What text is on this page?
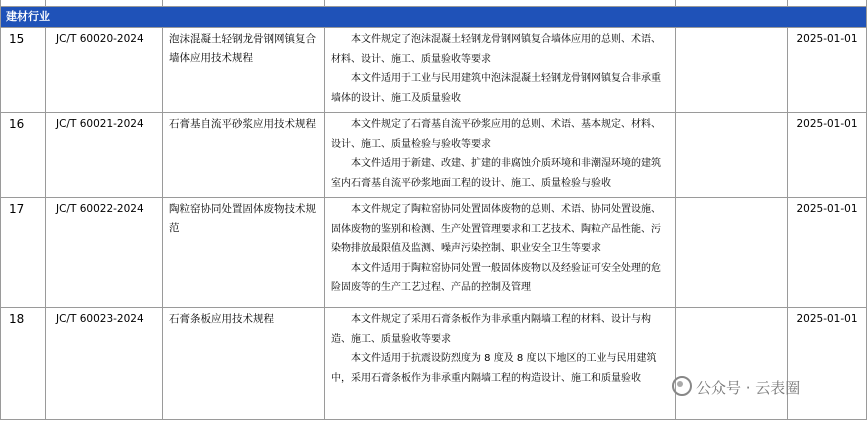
建材行业					
15	JC/T 60020-2024	泡沫混凝土轻钢龙骨钢网镇复合墙体应用技术规程	本文件规定了泡沫混凝土轻钢龙骨钢网镇复合墙体应用的总则、术语、材料、设计、施工、质量验收等要求

本文件适用于工业与民用建筑中泡沫混凝土轻钢龙骨钢网镇复合非承重墙体的设计、施工及质量验收		2025-01-01
16	JC/T 60021-2024	石膏基自流平砂浆应用技术规程	本文件规定了石膏基自流平砂浆应用的总则、术语、基本规定、材料、设计、施工、质量检验与验收等要求

本文件适用于新建、改建、扩建的非腐蚀介质环境和非潮湿环境的建筑室内石膏基自流平砂浆地面工程的设计、施工、质量检验与验收		2025-01-01
17	JC/T 60022-2024	陶粒窑协同处置固体废物技术规范	本文件规定了陶粒窑协同处置固体废物的总则、术语、协同处置设施、固体废物的鉴别和检测、生产处置管理要求和工艺技术、陶粒产品性能、污染物排放最限值及监测、噪声污染控制、职业安全卫生等要求

本文件适用于陶粒窑协同处置一般固体废物以及经验证可安全处理的危险固废等的生产工艺过程、产品的控制及管理		2025-01-01
18	JC/T 60023-2024	石膏条板应用技术规程	本文件规定了采用石膏条板作为非承重内隔墙工程的材料、设计与构造、施工、质量验收等要求

本文件适用于抗震设防烈度为 8 度及 8 度以下地区的工业与民用建筑中，采用石膏条板作为非承重内隔墙工程的构造设计、施工和质量验收		2025-01-01
公众号 · 云表圈
